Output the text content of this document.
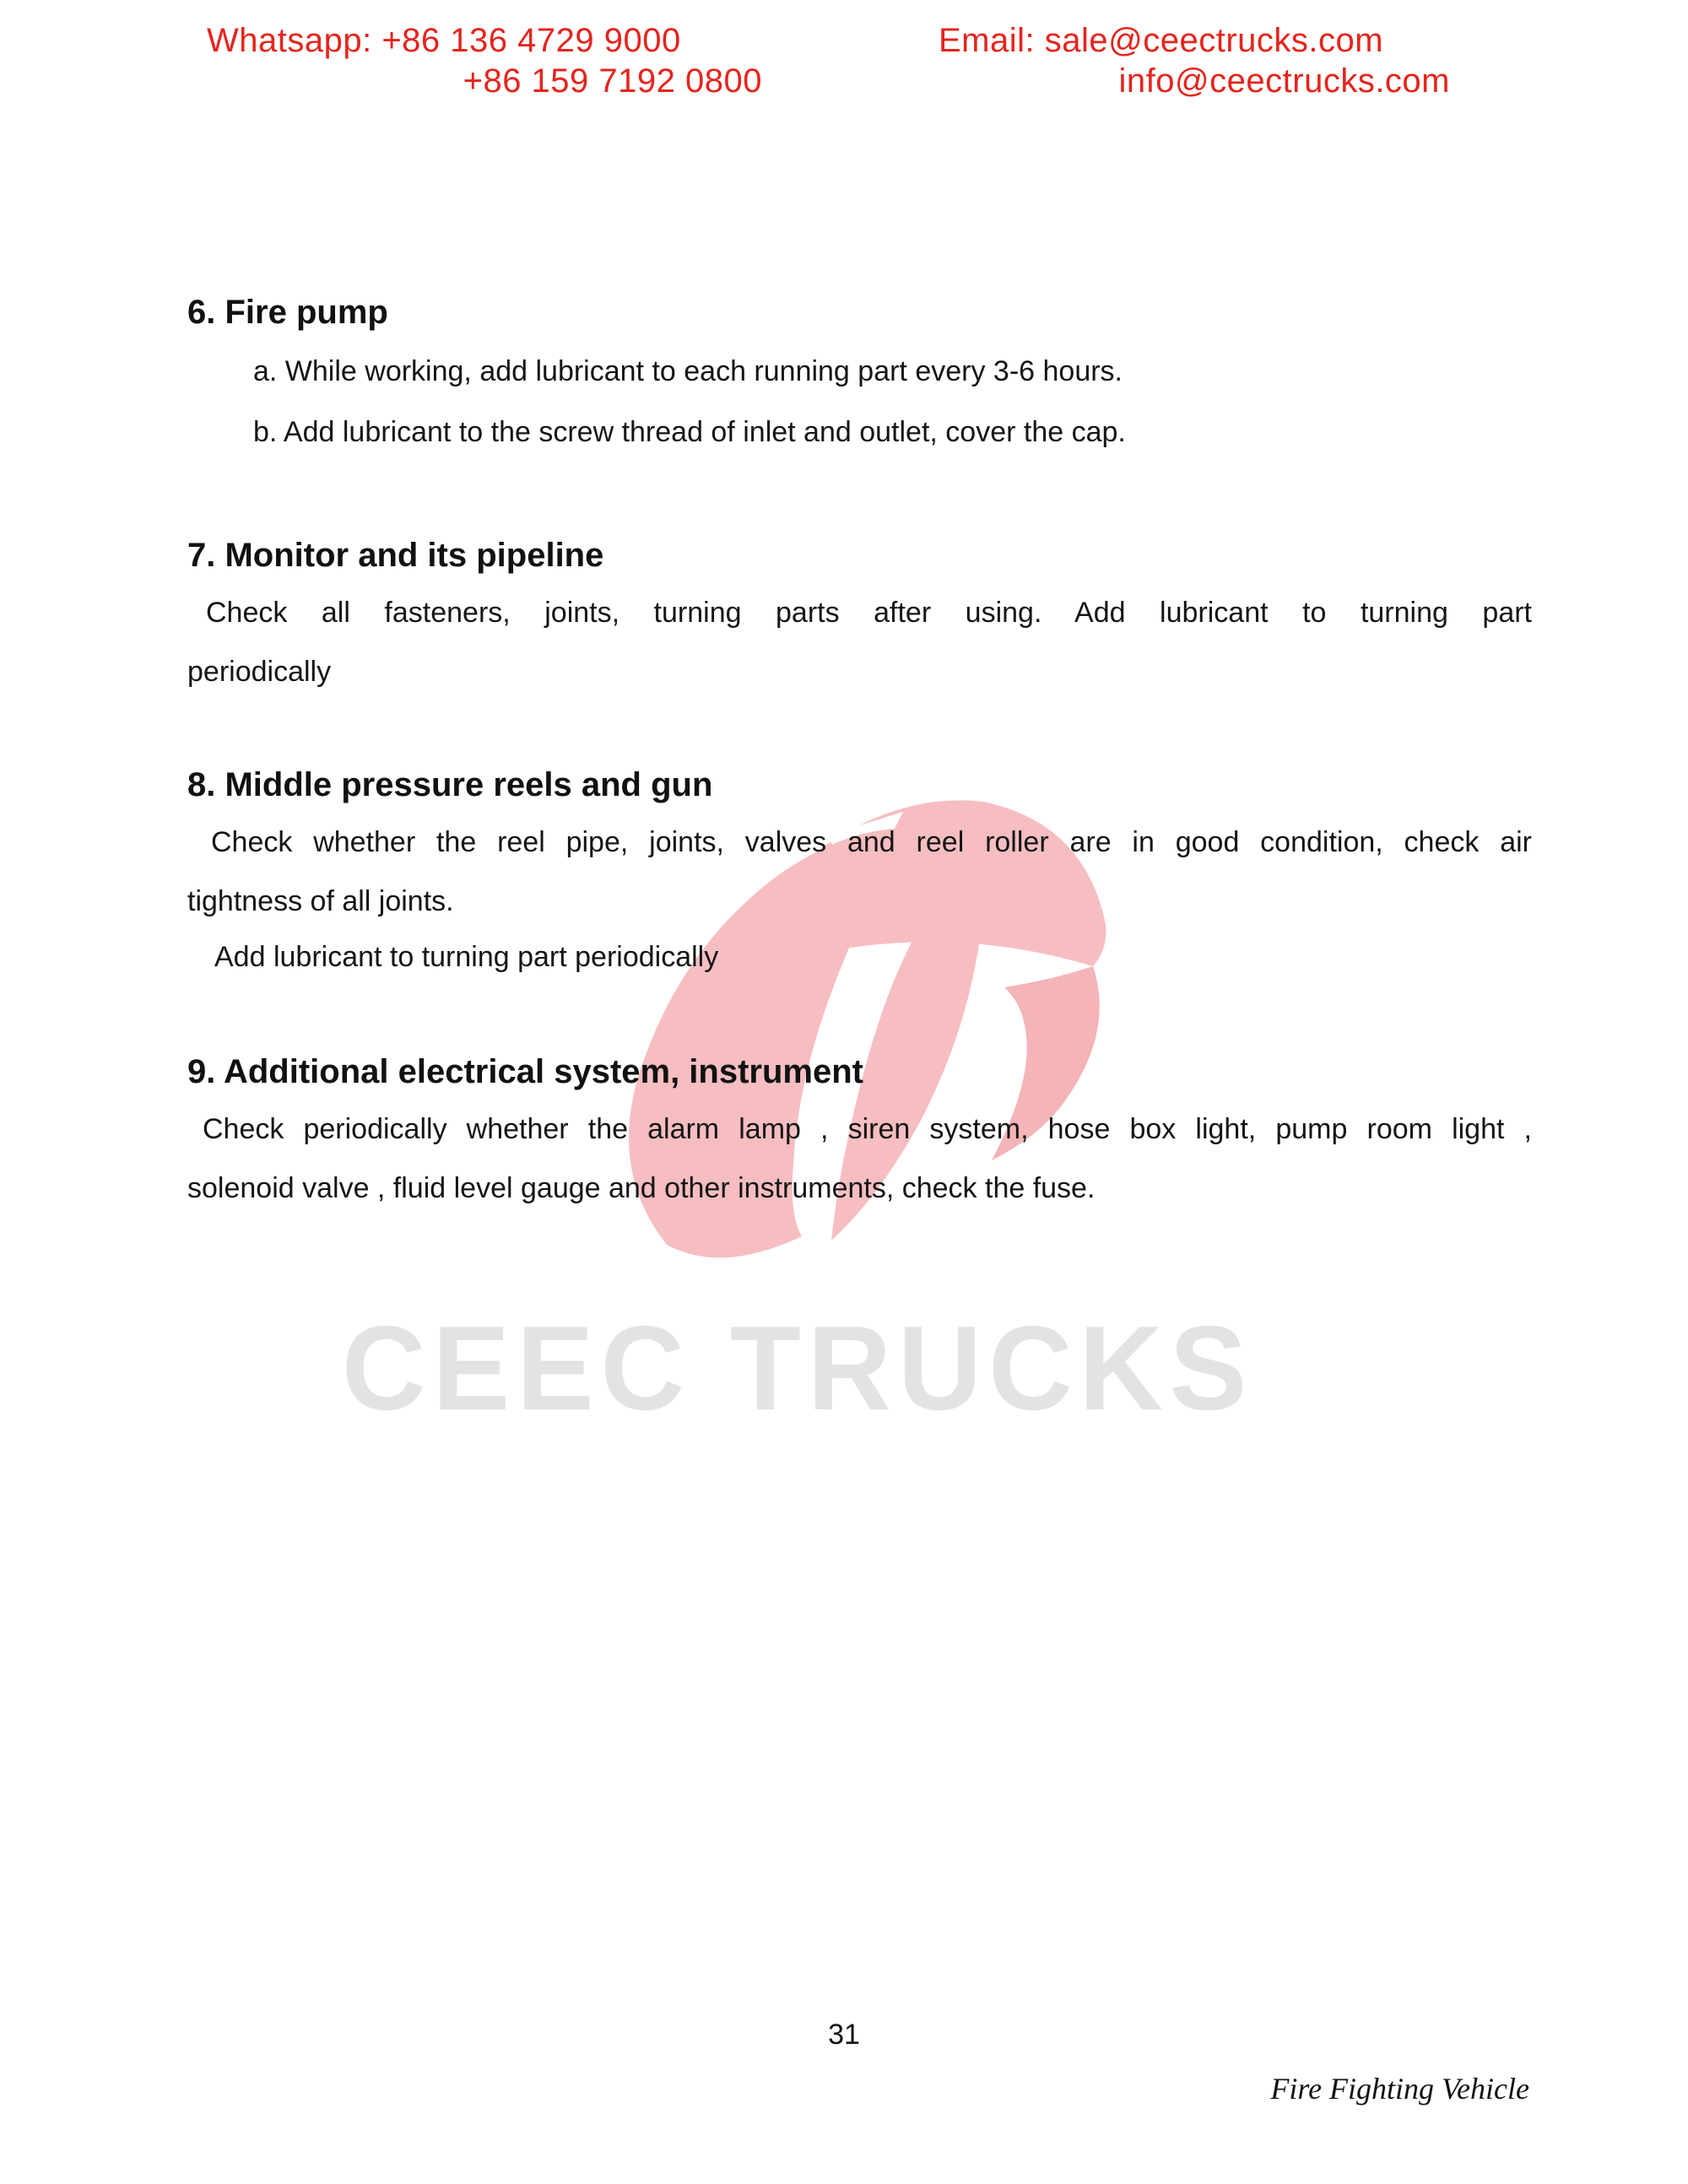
CEEC TRUCKS
Whatsapp: +86 136 4729 9000
+86 159 7192 0800
Email: sale@ceectrucks.com
info@ceectrucks.com
6. Fire pump
a. While working, add lubricant to each running part every 3-6 hours.
b. Add lubricant to the screw thread of inlet and outlet, cover the cap.
7. Monitor and its pipeline
Check all fasteners, joints, turning parts after using. Add lubricant to turning part
periodically
8. Middle pressure reels and gun
Check whether the reel pipe, joints, valves and reel roller are in good condition, check air
tightness of all joints.
Add lubricant to turning part periodically
9. Additional electrical system, instrument
Check periodically whether the alarm lamp , siren system, hose box light, pump room light ,
solenoid valve , fluid level gauge and other instruments, check the fuse.
31
Fire Fighting Vehicle
